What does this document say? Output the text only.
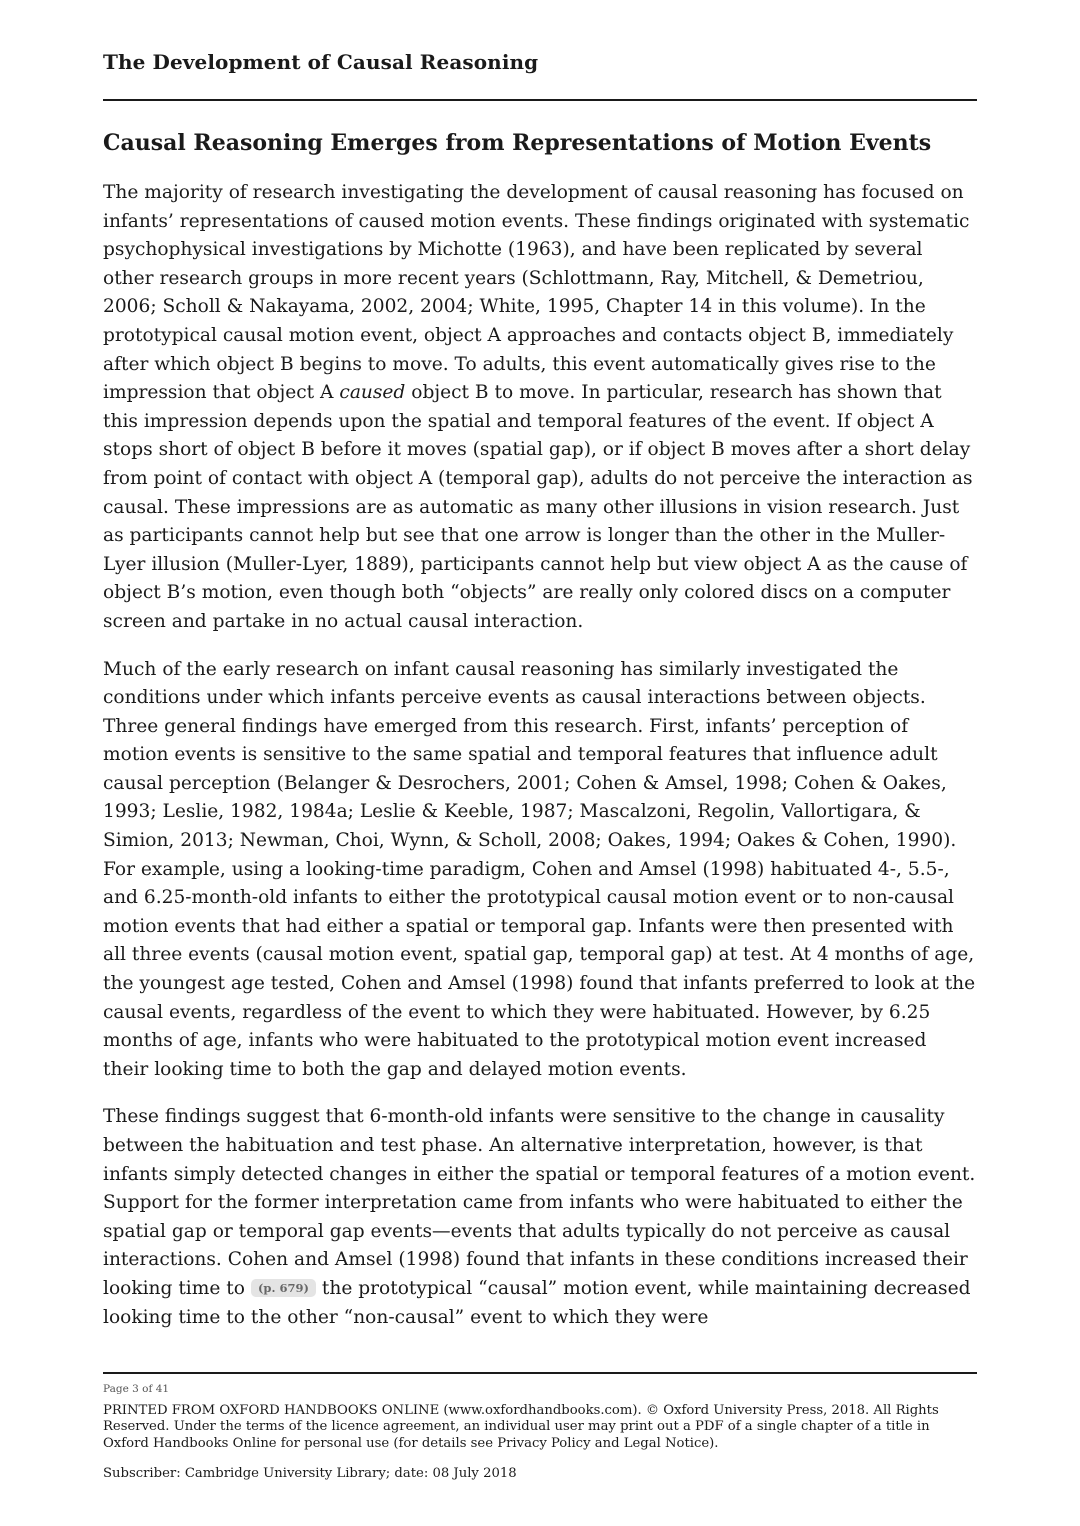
The Development of Causal Reasoning
Causal Reasoning Emerges from Representations of Motion Events

The majority of research investigating the development of causal reasoning has focused on infants’ representations of caused motion events. These findings originated with systematic psychophysical investigations by Michotte (1963), and have been replicated by several other research groups in more recent years (Schlottmann, Ray, Mitchell, & Demetriou, 2006; Scholl & Nakayama, 2002, 2004; White, 1995, Chapter 14 in this volume). In the prototypical causal motion event, object A approaches and contacts object B, immediately after which object B begins to move. To adults, this event automatically gives rise to the impression that object A caused object B to move. In particular, research has shown that this impression depends upon the spatial and temporal features of the event. If object A stops short of object B before it moves (spatial gap), or if object B moves after a short delay from point of contact with object A (temporal gap), adults do not perceive the interaction as causal. These impressions are as automatic as many other illusions in vision research. Just as participants cannot help but see that one arrow is longer than the other in the Muller-Lyer illusion (Muller-Lyer, 1889), participants cannot help but view object A as the cause of object B’s motion, even though both “objects” are really only colored discs on a computer screen and partake in no actual causal interaction.

Much of the early research on infant causal reasoning has similarly investigated the conditions under which infants perceive events as causal interactions between objects. Three general findings have emerged from this research. First, infants’ perception of motion events is sensitive to the same spatial and temporal features that influence adult causal perception (Belanger & Desrochers, 2001; Cohen & Amsel, 1998; Cohen & Oakes, 1993; Leslie, 1982, 1984a; Leslie & Keeble, 1987; Mascalzoni, Regolin, Vallortigara, & Simion, 2013; Newman, Choi, Wynn, & Scholl, 2008; Oakes, 1994; Oakes & Cohen, 1990). For example, using a looking-time paradigm, Cohen and Amsel (1998) habituated 4-, 5.5-, and 6.25-month-old infants to either the prototypical causal motion event or to non-causal motion events that had either a spatial or temporal gap. Infants were then presented with all three events (causal motion event, spatial gap, temporal gap) at test. At 4 months of age, the youngest age tested, Cohen and Amsel (1998) found that infants preferred to look at the causal events, regardless of the event to which they were habituated. However, by 6.25 months of age, infants who were habituated to the prototypical motion event increased their looking time to both the gap and delayed motion events.

These findings suggest that 6-month-old infants were sensitive to the change in causality between the habituation and test phase. An alternative interpretation, however, is that infants simply detected changes in either the spatial or temporal features of a motion event. Support for the former interpretation came from infants who were habituated to either the spatial gap or temporal gap events—events that adults typically do not perceive as causal interactions. Cohen and Amsel (1998) found that infants in these conditions increased their looking time to (p. 679) the prototypical “causal” motion event, while maintaining decreased looking time to the other “non-causal” event to which they were

Page 3 of 41

PRINTED FROM OXFORD HANDBOOKS ONLINE (www.oxfordhandbooks.com). © Oxford University Press, 2018. All Rights Reserved. Under the terms of the licence agreement, an individual user may print out a PDF of a single chapter of a title in Oxford Handbooks Online for personal use (for details see Privacy Policy and Legal Notice).

Subscriber: Cambridge University Library; date: 08 July 2018
